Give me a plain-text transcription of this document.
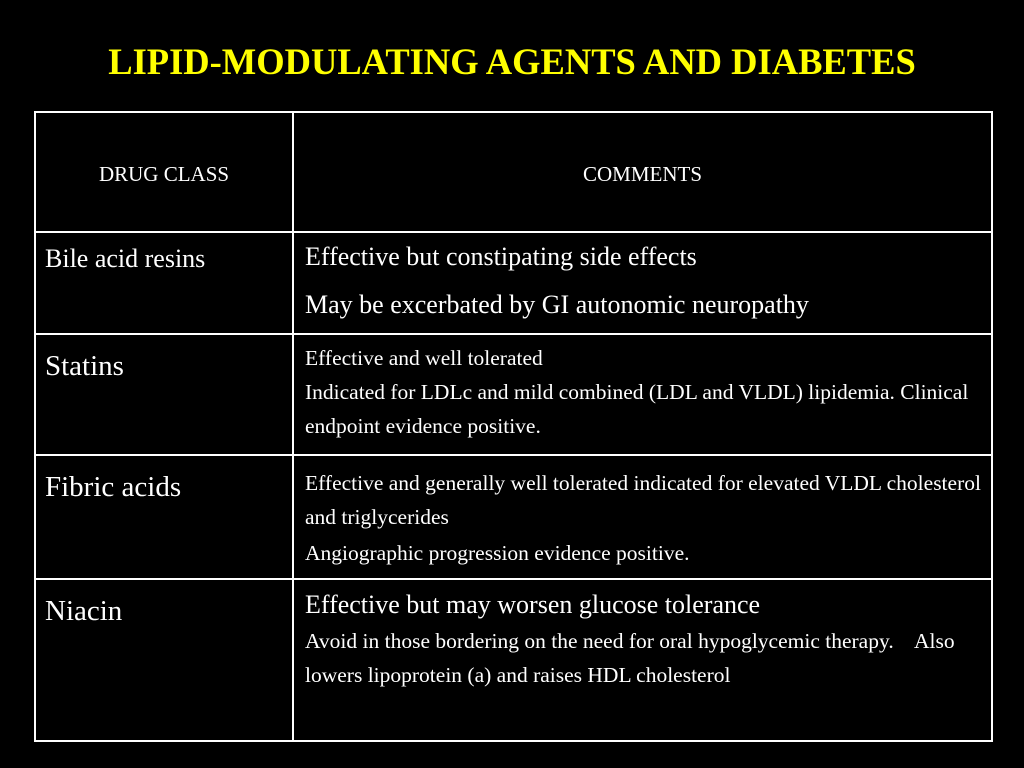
LIPID-MODULATING AGENTS AND DIABETES
DRUG CLASS	COMMENTS

Bile acid resins	Effective but constipating side effects
May be excerbated by GI autonomic neuropathy

Statins	Effective and well tolerated
Indicated for LDLc and mild combined (LDL and VLDL) lipidemia. Clinical endpoint evidence positive.

Fibric acids	Effective and generally well tolerated indicated for elevated VLDL cholesterol and triglycerides
Angiographic progression evidence positive.

Niacin	Effective but may worsen glucose tolerance
Avoid in those bordering on the need for oral hypoglycemic therapy.    Also lowers lipoprotein (a) and raises HDL cholesterol
